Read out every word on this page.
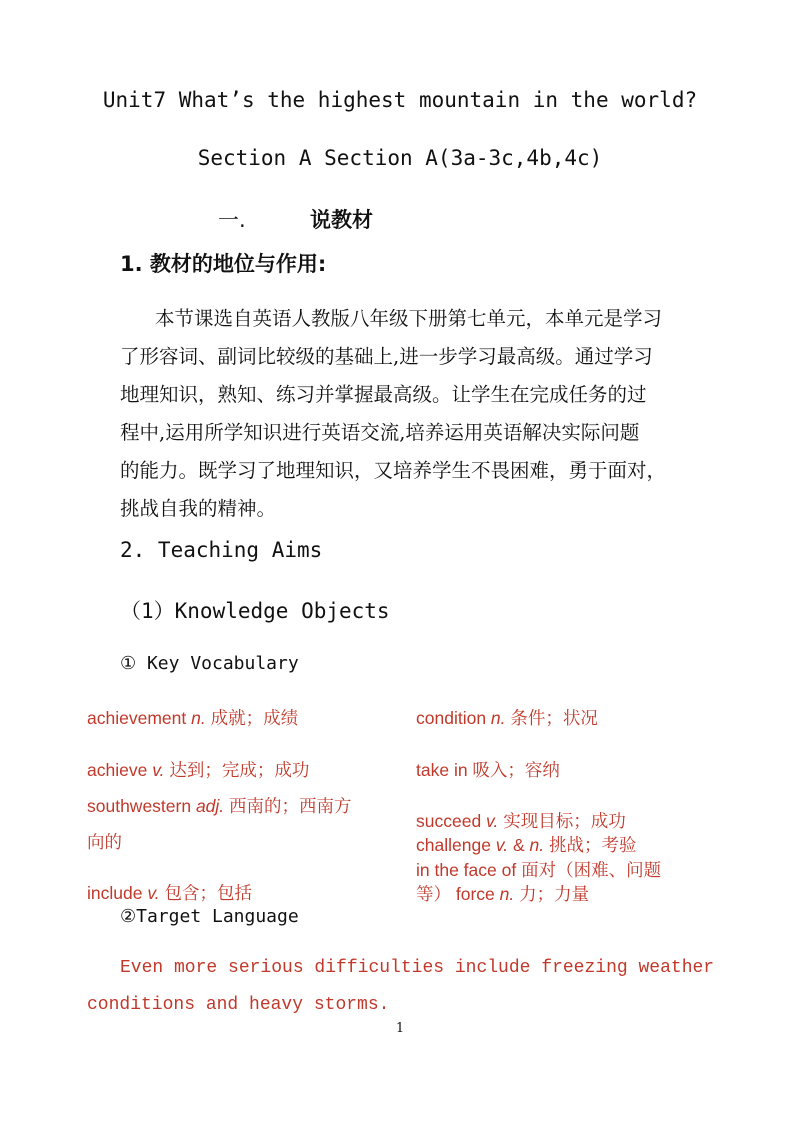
Unit7 What’s the highest mountain in the world?

Section A Section A(3a-3c,4b,4c)

一.	说教材

1. 教材的地位与作用:

本节课选自英语人教版八年级下册第七单元，本单元是学习

了形容词、副词比较级的基础上,进一步学习最高级。通过学习

地理知识，熟知、练习并掌握最高级。让学生在完成任务的过

程中,运用所学知识进行英语交流,培养运用英语解决实际问题

的能力。既学习了地理知识，又培养学生不畏困难，勇于面对，

挑战自我的精神。

2. Teaching Aims

（1）Knowledge Objects

① Key Vocabulary

achievement n. 成就；成绩

achieve v. 达到；完成；成功

southwestern adj. 西南的；西南方

向的

include v. 包含；包括

condition n. 条件；状况

take in 吸入；容纳

succeed v. 实现目标；成功

challenge v. & n. 挑战；考验

in the face of 面对（困难、问题

等） force n. 力；力量

②Target Language

Even more serious difficulties include freezing weather

conditions and heavy storms.

1
